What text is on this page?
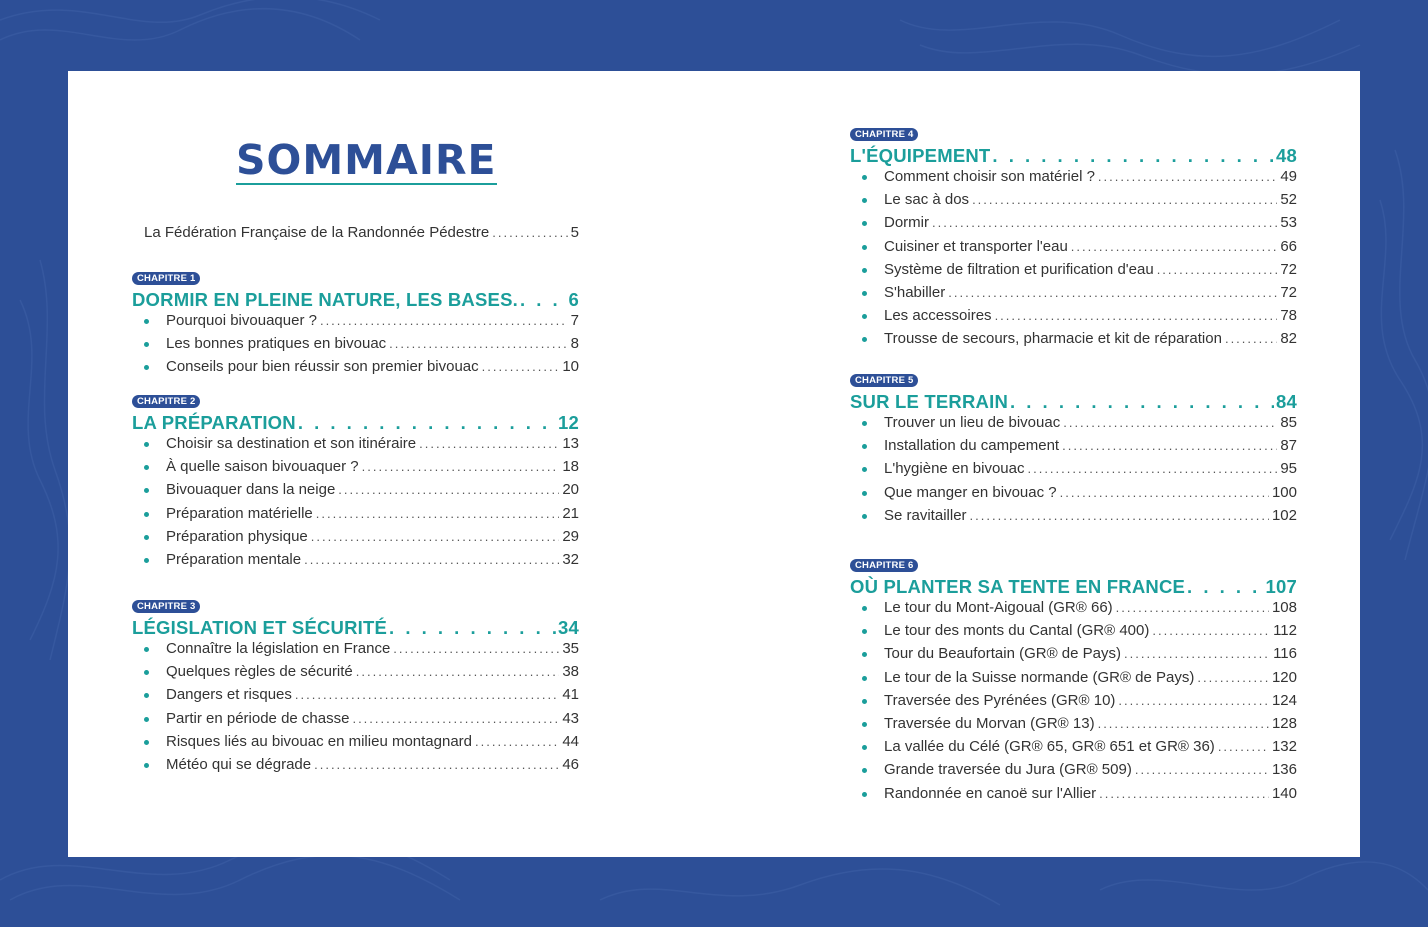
SOMMAIRE
La Fédération Française de la Randonnée Pédestre .....	5
CHAPITRE 1
DORMIR EN PLEINE NATURE, LES BASES. . . .	6
Pourquoi bivouaquer ? .....	7
Les bonnes pratiques en bivouac .....	8
Conseils pour bien réussir son premier bivouac .....	10
CHAPITRE 2
LA PRÉPARATION . . .	12
Choisir sa destination et son itinéraire .....	13
À quelle saison bivouaquer ? .....	18
Bivouaquer dans la neige .....	20
Préparation matérielle .....	21
Préparation physique .....	29
Préparation mentale .....	32
CHAPITRE 3
LÉGISLATION ET SÉCURITÉ . . .	34
Connaître la législation en France .....	35
Quelques règles de sécurité .....	38
Dangers et risques .....	41
Partir en période de chasse .....	43
Risques liés au bivouac en milieu montagnard .....	44
Météo qui se dégrade .....	46
CHAPITRE 4
L'ÉQUIPEMENT . . .	48
Comment choisir son matériel ? .....	49
Le sac à dos .....	52
Dormir .....	53
Cuisiner et transporter l'eau .....	66
Système de filtration et purification d'eau .....	72
S'habiller .....	72
Les accessoires .....	78
Trousse de secours, pharmacie et kit de réparation .....	82
CHAPITRE 5
SUR LE TERRAIN . . .	84
Trouver un lieu de bivouac .....	85
Installation du campement .....	87
L'hygiène en bivouac .....	95
Que manger en bivouac ? .....	100
Se ravitailler .....	102
CHAPITRE 6
OÙ PLANTER SA TENTE EN FRANCE . . .	107
Le tour du Mont-Aigoual (GR® 66) .....	108
Le tour des monts du Cantal (GR® 400) .....	112
Tour du Beaufortain (GR® de Pays) .....	116
Le tour de la Suisse normande (GR® de Pays) .....	120
Traversée des Pyrénées (GR® 10) .....	124
Traversée du Morvan (GR® 13) .....	128
La vallée du Célé (GR® 65, GR® 651 et GR® 36) .....	132
Grande traversée du Jura (GR® 509) .....	136
Randonnée en canoë sur l'Allier .....	140
